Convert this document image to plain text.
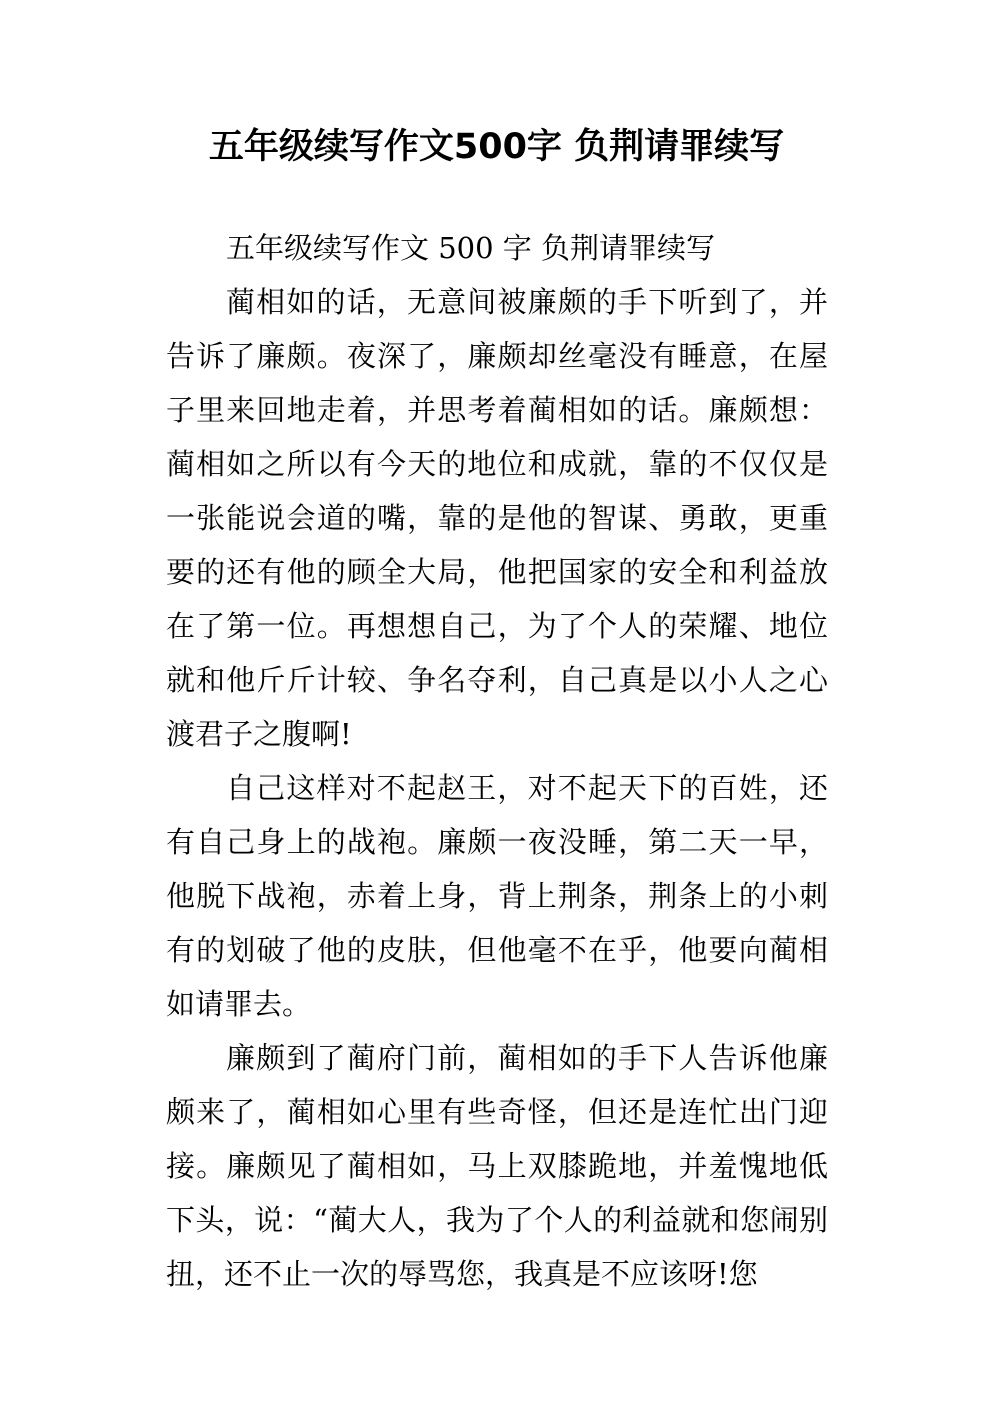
五年级续写作文500字 负荆请罪续写

五年级续写作文 500 字 负荆请罪续写

蔺相如的话，无意间被廉颇的手下听到了，并告诉了廉颇。夜深了，廉颇却丝毫没有睡意，在屋子里来回地走着，并思考着蔺相如的话。廉颇想：蔺相如之所以有今天的地位和成就，靠的不仅仅是一张能说会道的嘴，靠的是他的智谋、勇敢，更重要的还有他的顾全大局，他把国家的安全和利益放在了第一位。再想想自己，为了个人的荣耀、地位就和他斤斤计较、争名夺利，自己真是以小人之心渡君子之腹啊!

自己这样对不起赵王，对不起天下的百姓，还有自己身上的战袍。廉颇一夜没睡，第二天一早，他脱下战袍，赤着上身，背上荆条，荆条上的小刺有的划破了他的皮肤，但他毫不在乎，他要向蔺相如请罪去。

廉颇到了蔺府门前，蔺相如的手下人告诉他廉颇来了，蔺相如心里有些奇怪，但还是连忙出门迎接。廉颇见了蔺相如，马上双膝跪地，并羞愧地低下头，说：“蔺大人，我为了个人的利益就和您闹别扭，还不止一次的辱骂您，我真是不应该呀!您
